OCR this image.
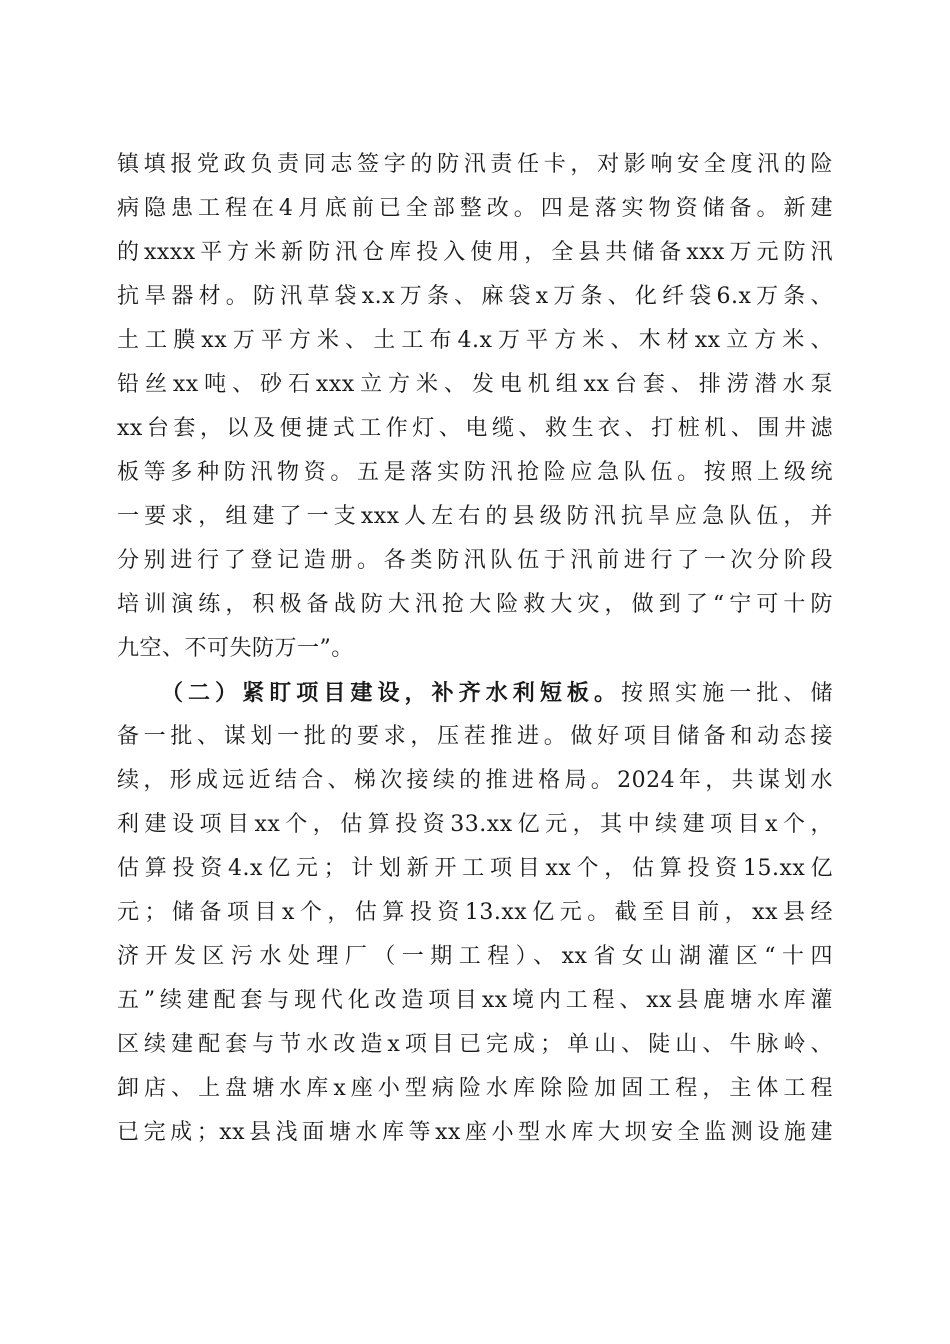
镇填报党政负责同志签字的防汛责任卡，对影响安全度汛的险
病隐患工程在4月底前已全部整改。四是落实物资储备。新建
的xxxx平方米新防汛仓库投入使用，全县共储备xxx万元防汛
抗旱器材。防汛草袋x.x万条、麻袋x万条、化纤袋6.x万条、
土工膜xx万平方米、土工布4.x万平方米、木材xx立方米、
铅丝xx吨、砂石xxx立方米、发电机组xx台套、排涝潜水泵
xx台套，以及便捷式工作灯、电缆、救生衣、打桩机、围井滤
板等多种防汛物资。五是落实防汛抢险应急队伍。按照上级统
一要求，组建了一支xxx人左右的县级防汛抗旱应急队伍，并
分别进行了登记造册。各类防汛队伍于汛前进行了一次分阶段
培训演练，积极备战防大汛抢大险救大灾，做到了“宁可十防
九空、不可失防万一”。
（二）紧盯项目建设，补齐水利短板。按照实施一批、储
备一批、谋划一批的要求，压茬推进。做好项目储备和动态接
续，形成远近结合、梯次接续的推进格局。2024年，共谋划水
利建设项目xx个，估算投资33.xx亿元，其中续建项目x个，
估算投资4.x亿元；计划新开工项目xx个，估算投资15.xx亿
元；储备项目x个，估算投资13.xx亿元。截至目前，xx县经
济开发区污水处理厂（一期工程）、xx省女山湖灌区“十四
五”续建配套与现代化改造项目xx境内工程、xx县鹿塘水库灌
区续建配套与节水改造x项目已完成；单山、陡山、牛脉岭、
卸店、上盘塘水库x座小型病险水库除险加固工程，主体工程
已完成；xx县浅面塘水库等xx座小型水库大坝安全监测设施建
